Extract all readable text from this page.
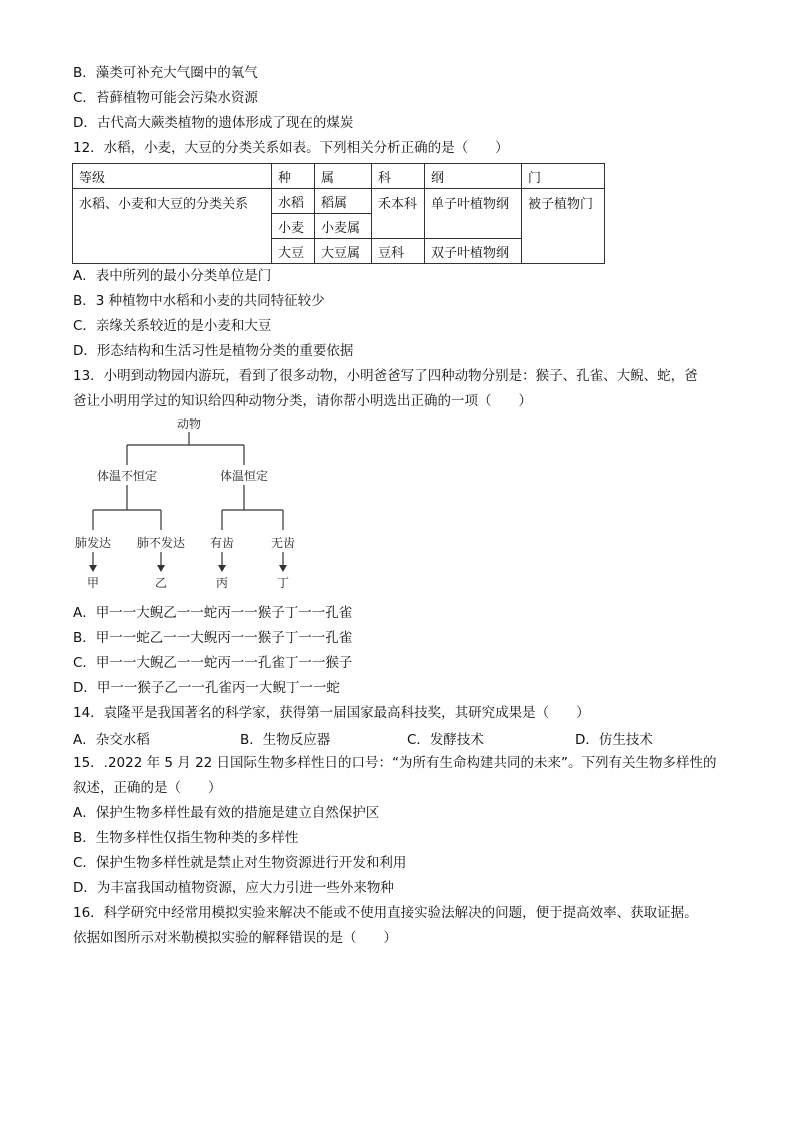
B．藻类可补充大气圈中的氧气
C．苔藓植物可能会污染水资源
D．古代高大蕨类植物的遗体形成了现在的煤炭
12．水稻，小麦，大豆的分类关系如表。下列相关分析正确的是（　　）
等级	种	属	科	纲	门
水稻、小麦和大豆的分类关系	水稻	稻属	禾本科	单子叶植物纲	被子植物门
	小麦	小麦属			
	大豆	大豆属	豆科	双子叶植物纲	
A．表中所列的最小分类单位是门
B．3 种植物中水稻和小麦的共同特征较少
C．亲缘关系较近的是小麦和大豆
D．形态结构和生活习性是植物分类的重要依据
13．小明到动物园内游玩，看到了很多动物，小明爸爸写了四种动物分别是：猴子、孔雀、大鲵、蛇，爸
爸让小明用学过的知识给四种动物分类，请你帮小明选出正确的一项（　　）
动物
体温不恒定	体温恒定
肺发达 肺不发达 有齿	无齿
甲	乙	丙	丁
A．甲一一大鲵乙一一蛇丙一一猴子丁一一孔雀
B．甲一一蛇乙一一大鲵丙一一猴子丁一一孔雀
C．甲一一大鲵乙一一蛇丙一一孔雀丁一一猴子
D．甲一一猴子乙一一孔雀丙一大鲵丁一一蛇
14．袁隆平是我国著名的科学家，获得第一届国家最高科技奖，其研究成果是（　　）
A．杂交水稻	B．生物反应器	C．发酵技术	D．仿生技术
15．.2022 年 5 月 22 日国际生物多样性日的口号：“为所有生命构建共同的未来”。下列有关生物多样性的
叙述，正确的是（　　）
A．保护生物多样性最有效的措施是建立自然保护区
B．生物多样性仅指生物种类的多样性
C．保护生物多样性就是禁止对生物资源进行开发和利用
D．为丰富我国动植物资源，应大力引进一些外来物种
16．科学研究中经常用模拟实验来解决不能或不使用直接实验法解决的问题，便于提高效率、获取证据。
依据如图所示对米勒模拟实验的解释错误的是（　　）
